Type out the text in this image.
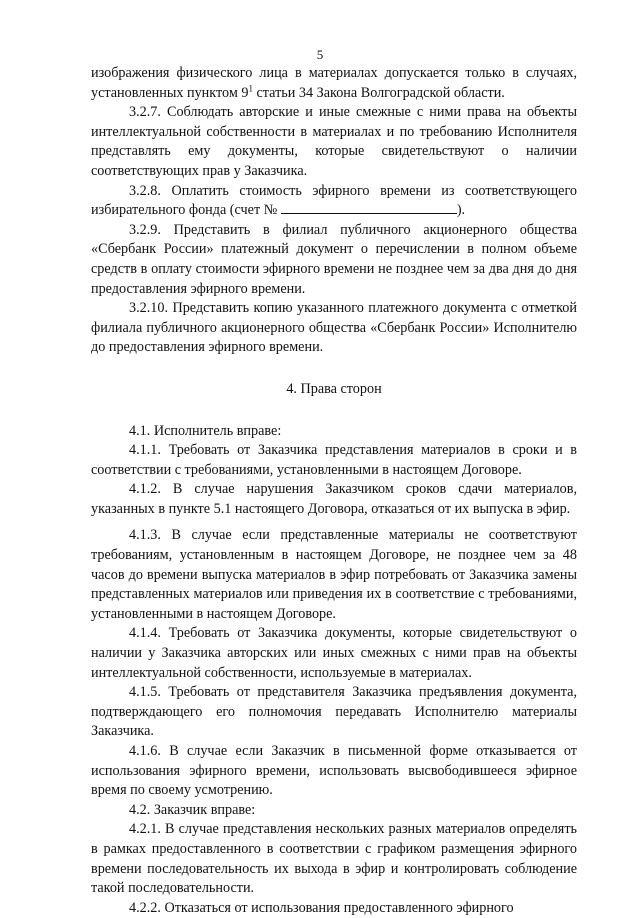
5

изображения физического лица в материалах допускается только в случаях, установленных пунктом $9^1$ статьи 34 Закона Волгоградской области.

3.2.7. Соблюдать авторские и иные смежные с ними права на объекты интеллектуальной собственности в материалах и по требованию Исполнителя представлять ему документы, которые свидетельствуют о наличии соответствующих прав у Заказчика.

3.2.8. Оплатить стоимость эфирного времени из соответствующего избирательного фонда (счет №	).

3.2.9. Представить в филиал публичного акционерного общества «Сбербанк России» платежный документ о перечислении в полном объеме средств в оплату стоимости эфирного времени не позднее чем за два дня до дня предоставления эфирного времени.

3.2.10. Представить копию указанного платежного документа с отметкой филиала публичного акционерного общества «Сбербанк России» Исполнителю до предоставления эфирного времени.

4. Права сторон

4.1. Исполнитель вправе:

4.1.1. Требовать от Заказчика представления материалов в сроки и в соответствии с требованиями, установленными в настоящем Договоре.

4.1.2. В случае нарушения Заказчиком сроков сдачи материалов, указанных в пункте 5.1 настоящего Договора, отказаться от их выпуска в эфир.

4.1.3. В случае если представленные материалы не соответствуют требованиям, установленным в настоящем Договоре, не позднее чем за 48 часов до времени выпуска материалов в эфир потребовать от Заказчика замены представленных материалов или приведения их в соответствие с требованиями, установленными в настоящем Договоре.

4.1.4. Требовать от Заказчика документы, которые свидетельствуют о наличии у Заказчика авторских или иных смежных с ними прав на объекты интеллектуальной собственности, используемые в материалах.

4.1.5. Требовать от представителя Заказчика предъявления документа, подтверждающего его полномочия передавать Исполнителю материалы Заказчика.

4.1.6. В случае если Заказчик в письменной форме отказывается от использования эфирного времени, использовать высвободившееся эфирное время по своему усмотрению.

4.2. Заказчик вправе:

4.2.1. В случае представления нескольких разных материалов определять в рамках предоставленного в соответствии с графиком размещения эфирного времени последовательность их выхода в эфир и контролировать соблюдение такой последовательности.

4.2.2. Отказаться от использования предоставленного эфирного
